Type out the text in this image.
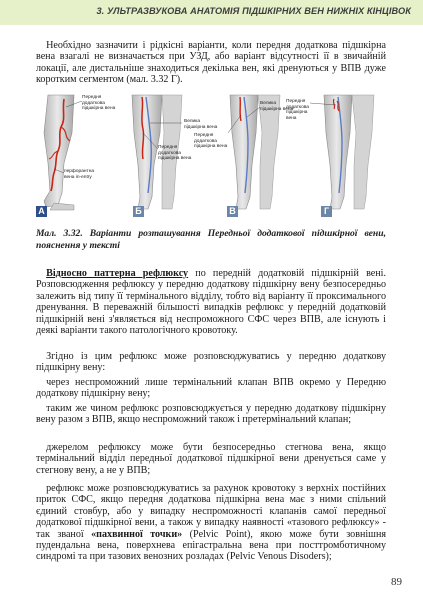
3. УЛЬТРАЗВУКОВА АНАТОМІЯ ПІДШКІРНИХ ВЕН НИЖНІХ КІНЦІВОК

 Необхідно зазначити і рідкісні варіанти, коли передня додаткова підшкірна вена взагалі не визначається при УЗД, або варіант відсутності її в звичайній локації, але дистальніше знаходиться декілька вен, які дренуються у ВПВ дуже коротким сегментом (мал. 3.32 Г).

А	Б	В	Г
Передня додаткова підшкірна вена
перфорантна вена in-entry
Велика підшкірна вена
Передня додаткова підшкірна вена
Передня додаткова підшкірна вена
Велика підшкірна вена
Передня додаткова підшкірна вена

Мал. 3.32. Варіанти розташування Передньої додаткової підшкірної вени, пояснення у тексті

 Відносно паттерна рефлюксу по передній додатковій підшкірній вені. Розповсюдження рефлюксу у передню додаткову підшкірну вену безпосередньо залежить від типу її термінального відділу, тобто від варіанту її проксимального дренування. В переважній більшості випадків рефлюкс у передній додатковій підшкірній вені з'являється від неспроможного СФС через ВПВ, але існують і деякі варіанти такого патологічного кровотоку.

 Згідно із цим рефлюкс може розповсюджуватись у передню додаткову підшкірну вену:

 через неспроможний лише термінальний клапан ВПВ окремо у Передню додаткову підшкірну вену;

 таким же чином рефлюкс розповсюджується у передню додаткову підшкірну вену разом з ВПВ, якщо неспроможний також і претермінальний клапан;

 джерелом рефлюксу може бути безпосередньо стегнова вена, якщо термінальний відділ передньої додаткової підшкірної вени дренується саме у стегнову вену, а не у ВПВ;

 рефлюкс може розповсюджуватись за рахунок кровотоку з верхніх постійних приток СФС, якщо передня додаткова підшкірна вена має з ними спільний єдиний стовбур, або у випадку неспроможності клапанів самої передньої додаткової підшкірної вени, а також у випадку наявності «тазового рефлюксу» - так званої «пахвинної точки» (Pelvic Point), якою може бути зовнішня пудендальна вена, поверхнева епігастральна вена при посттромботичному синдромі та при тазових венозних розладах (Pelvic Venous Disoders);

89
